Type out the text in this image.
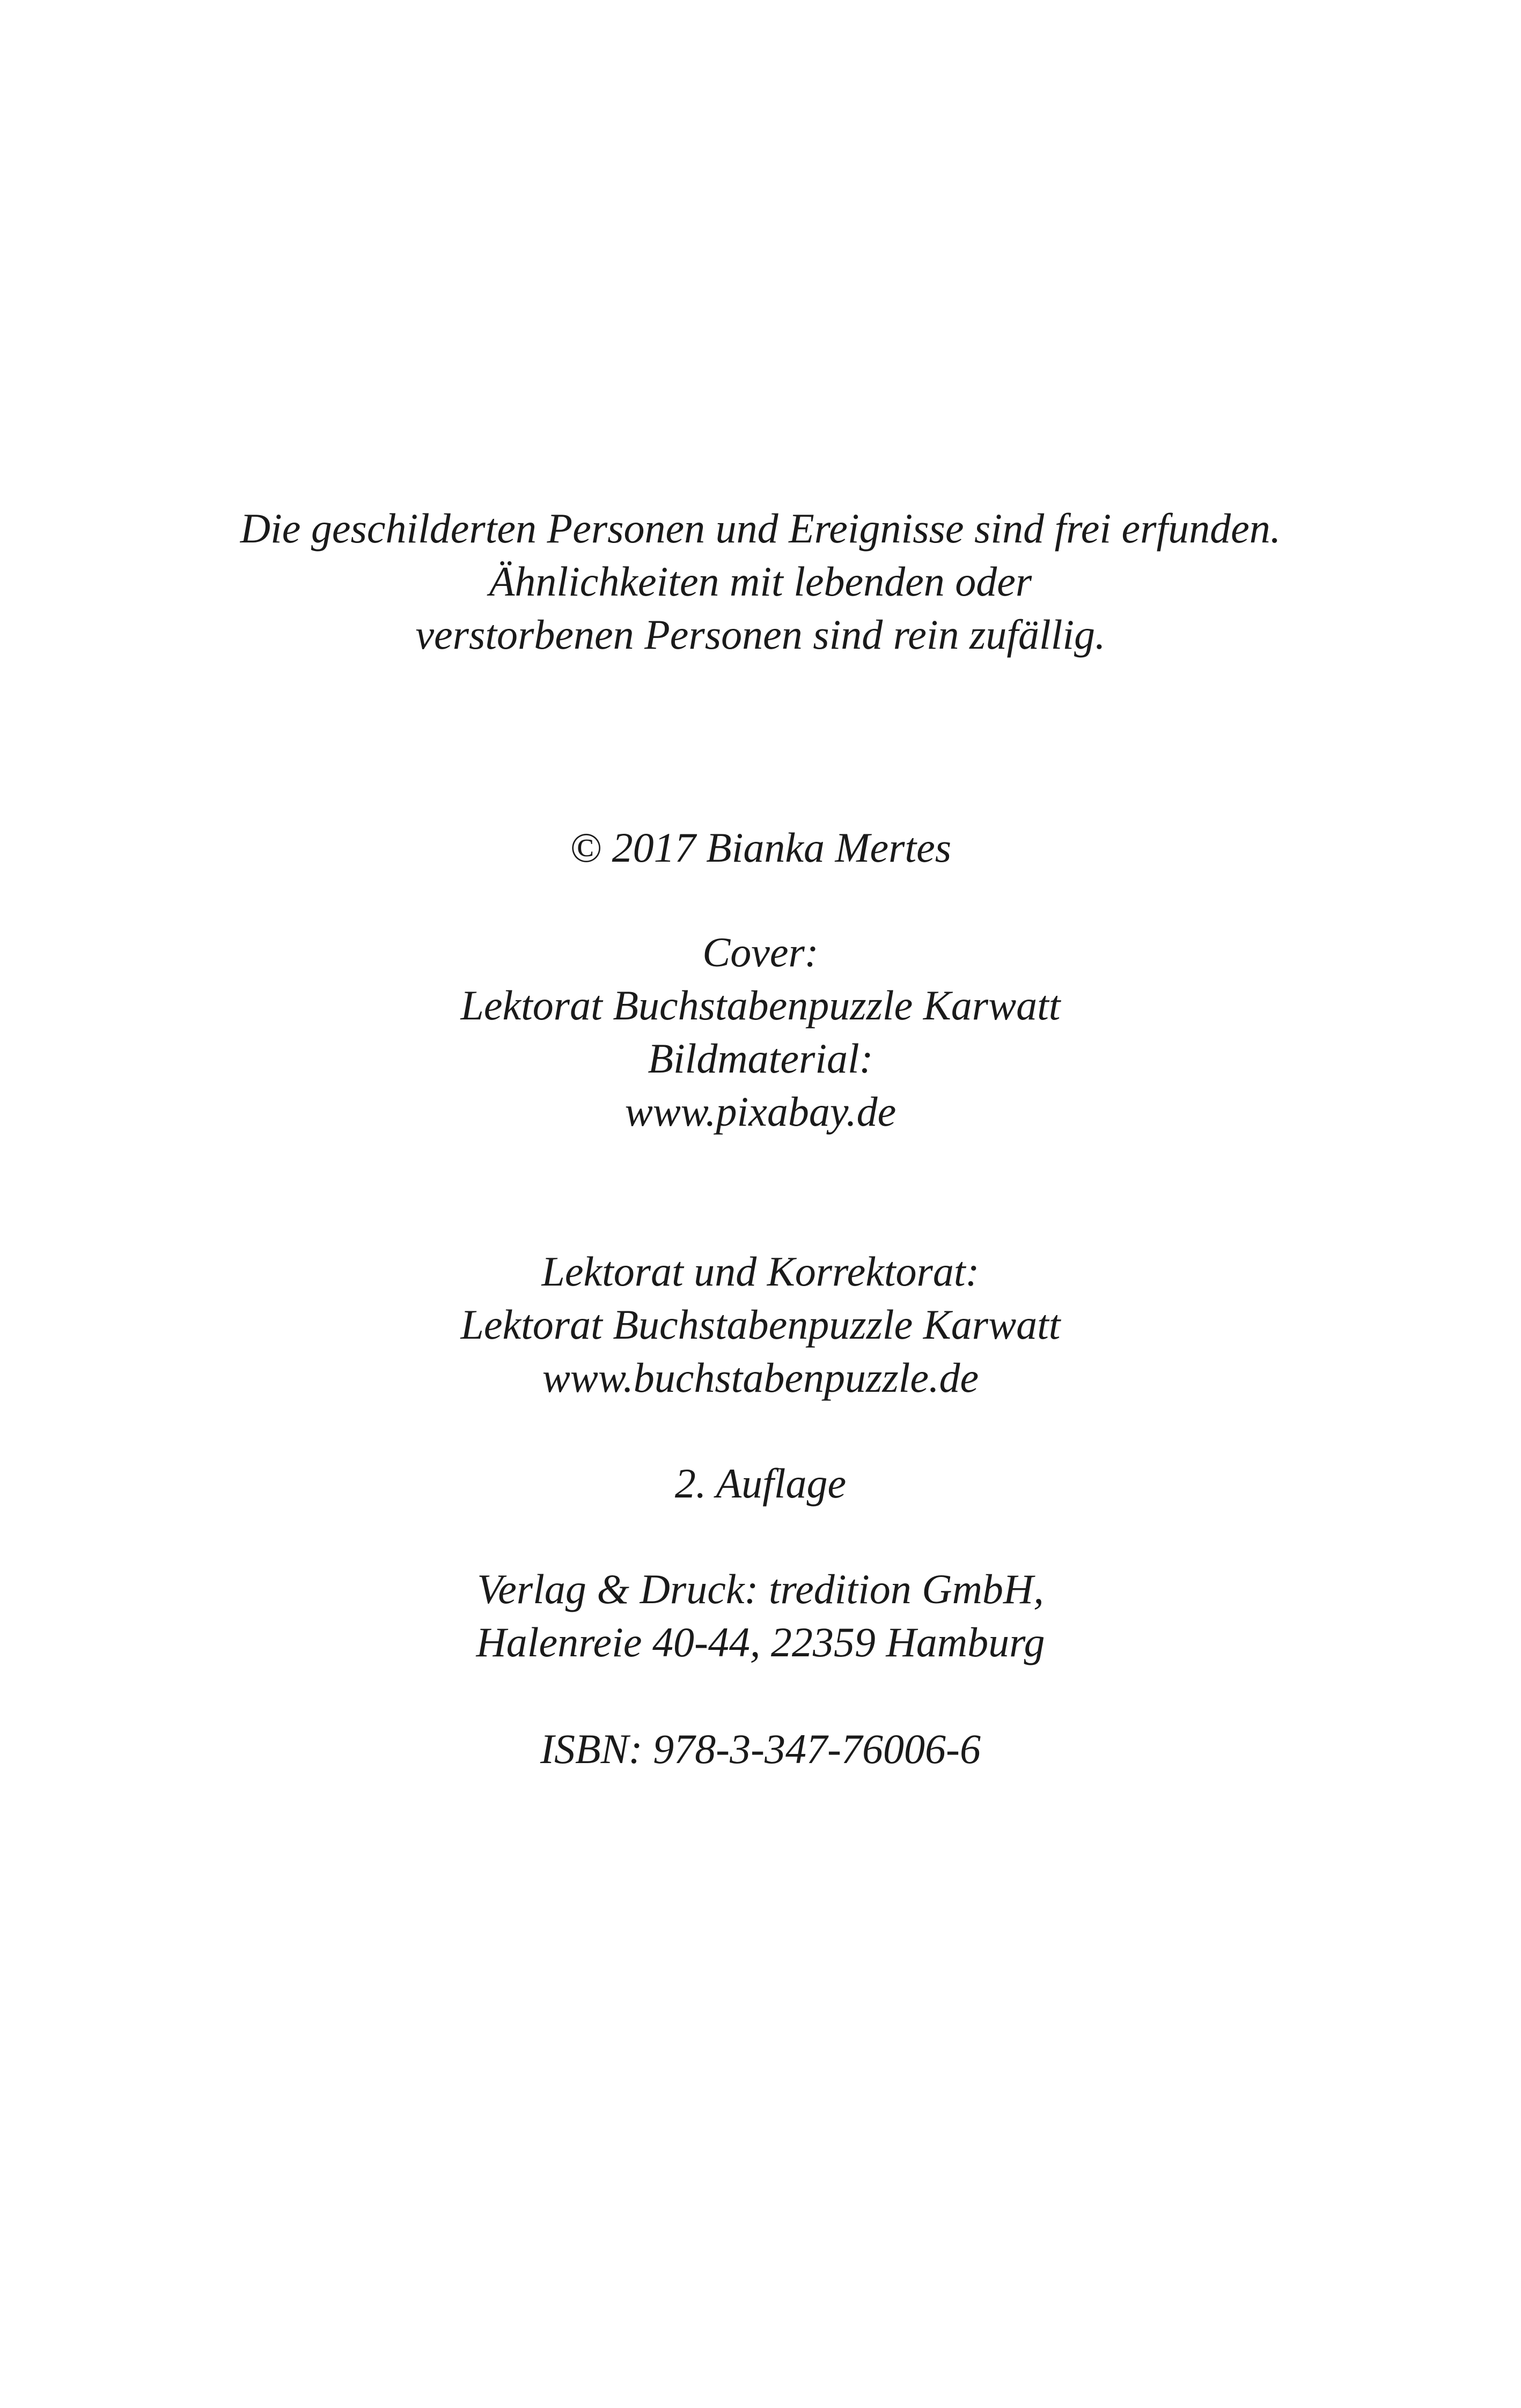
Die geschilderten Personen und Ereignisse sind frei erfunden.

Ähnlichkeiten mit lebenden oder

verstorbenen Personen sind rein zufällig.

© 2017 Bianka Mertes

Cover:

Lektorat Buchstabenpuzzle Karwatt

Bildmaterial:

www.pixabay.de

Lektorat und Korrektorat:

Lektorat Buchstabenpuzzle Karwatt

www.buchstabenpuzzle.de

2. Auflage

Verlag & Druck: tredition GmbH,

Halenreie 40-44, 22359 Hamburg

ISBN: 978-3-347-76006-6
